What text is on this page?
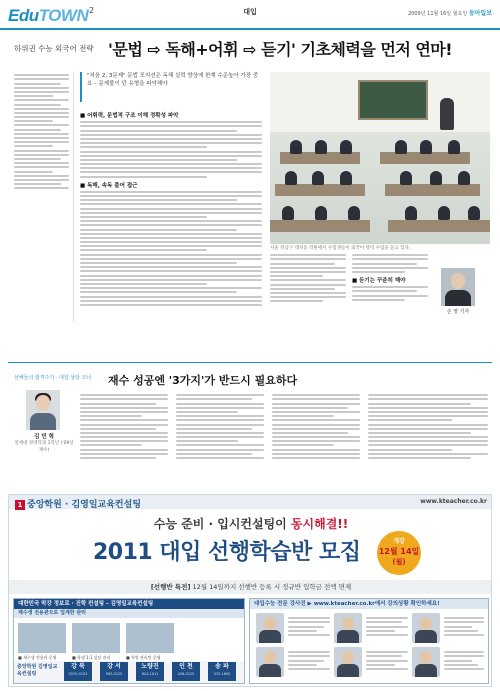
EduTOWN 2	대입	2009년 11월 16일 월요일 동아일보
하위권 수능 외국어 전략 '문법 ⇨ 독해+어휘 ⇨ 듣기' 기초체력을 먼저 연마!
"처음 2, 3문제" 문법 포지션은 독해 실력 향상에 한계 수준높아 가장 중요 – 문제풀이 던 유형을 파악해야
■ 어휘력, 문법적 구조 이해 정확성 파악
■ 독해, 속독 풀어 접근
서울 강남구 대치동 학원에서 수험생들이 외국어 영역 수업을 듣고 있다.
■ 듣기는 꾸준히 해야
손 영 기자
선배들의 합격수기 · 대입 상담 코너 재수 성공엔 '3가지'가 반드시 필요하다
김 민 혁
연세대 경영학과 1학년 ('09년 재수)
1 중앙학원 · 김영일교육컨설팅	www.kteacher.co.kr
수능 준비 · 입시컨설팅이 동시해결!!
2011 대입 선행학습반 모집	개강
12월 14일
(월)
[선행반 특전] 12월 14일까지 선행반 등록 시 정규반 입학금 전액 면제
대한민국 막강 정보로 · 진학 컨설팅 – 김영일교육컨설팅
재수생 전용관으로 업계한 관리
■ 재수생 전용관 운영	■ 학생 1:1 상담 관리	■ 특별 관리반 운영
중앙학원 김영일교육컨설팅
강 북
2070-0101
강 서
563-0125
노량진
814-1011
인 천
426-0125
송 파
470-1600
대입수능 전문 강사진 ▶ www.kteacher.co.kr에서 강의상황 확인하세요!
